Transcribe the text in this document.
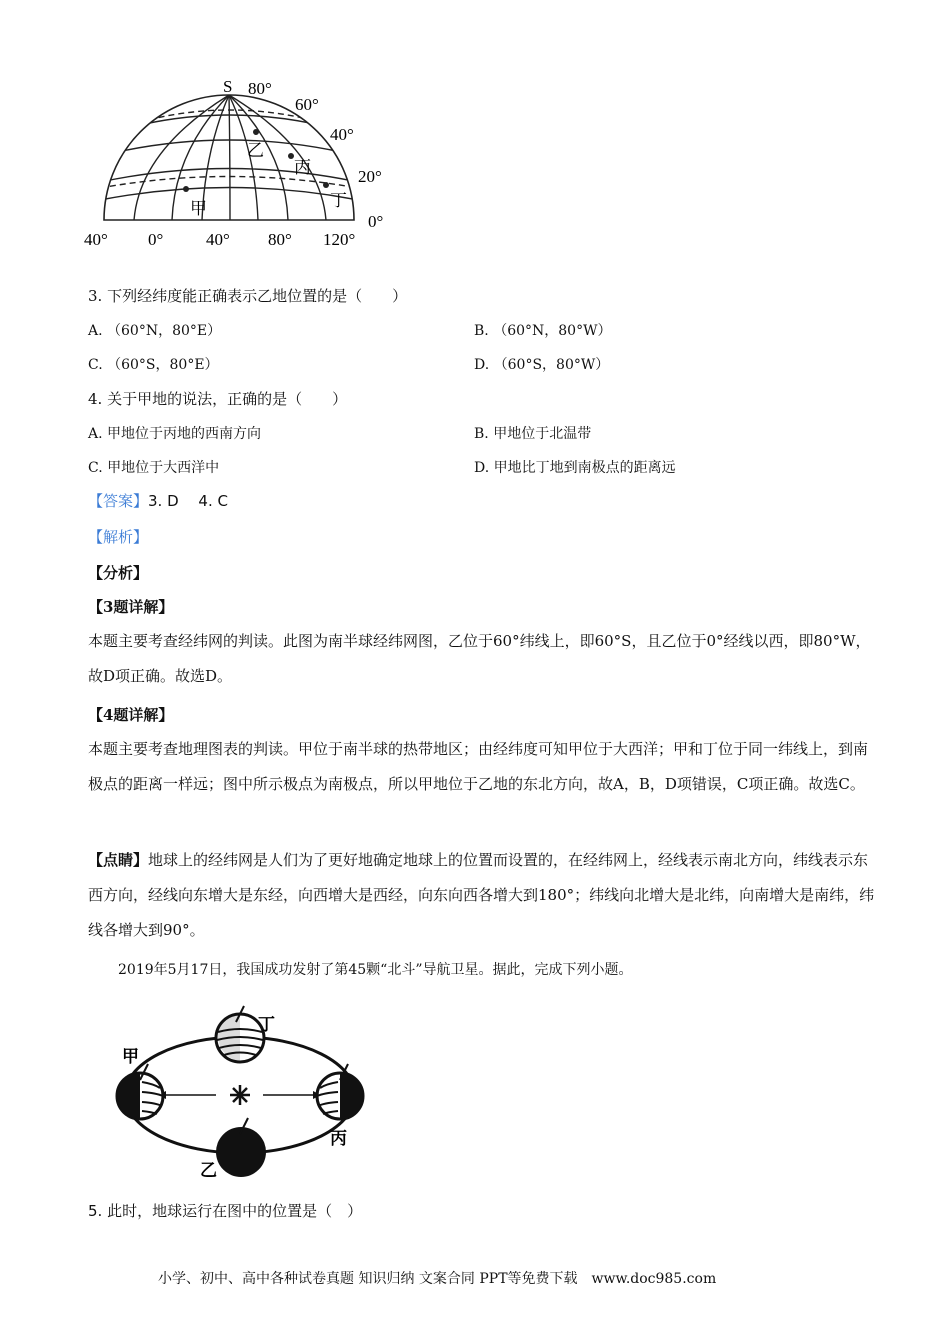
S 80°
60°
40°
20°
0°
40° 0°	40° 80° 120°
乙
丙
甲	丁
3. 下列经纬度能正确表示乙地位置的是（　　）
A. （60°N，80°E）	B. （60°N，80°W）
C. （60°S，80°E）	D. （60°S，80°W）
4. 关于甲地的说法，正确的是（　　）
A. 甲地位于丙地的西南方向	B. 甲地位于北温带
C. 甲地位于大西洋中	D. 甲地比丁地到南极点的距离远
【答案】3. D　 4. C
【解析】
【分析】
【3题详解】
本题主要考查经纬网的判读。此图为南半球经纬网图，乙位于60°纬线上，即60°S，且乙位于0°经线以西，即80°W，故D项正确。故选D。
【4题详解】
本题主要考查地理图表的判读。甲位于南半球的热带地区；由经纬度可知甲位于大西洋；甲和丁位于同一纬线上，到南极点的距离一样远；图中所示极点为南极点，所以甲地位于乙地的东北方向，故A，B，D项错误，C项正确。故选C。
【点睛】地球上的经纬网是人们为了更好地确定地球上的位置而设置的，在经纬网上，经线表示南北方向，纬线表示东西方向，经线向东增大是东经，向西增大是西经，向东向西各增大到180°；纬线向北增大是北纬，向南增大是南纬，纬线各增大到90°。
2019年5月17日，我国成功发射了第45颗“北斗”导航卫星。据此，完成下列小题。
丁
甲
丙
乙
5. 此时，地球运行在图中的位置是（　）
小学、初中、高中各种试卷真题 知识归纳 文案合同 PPT等免费下载　www.doc985.com
